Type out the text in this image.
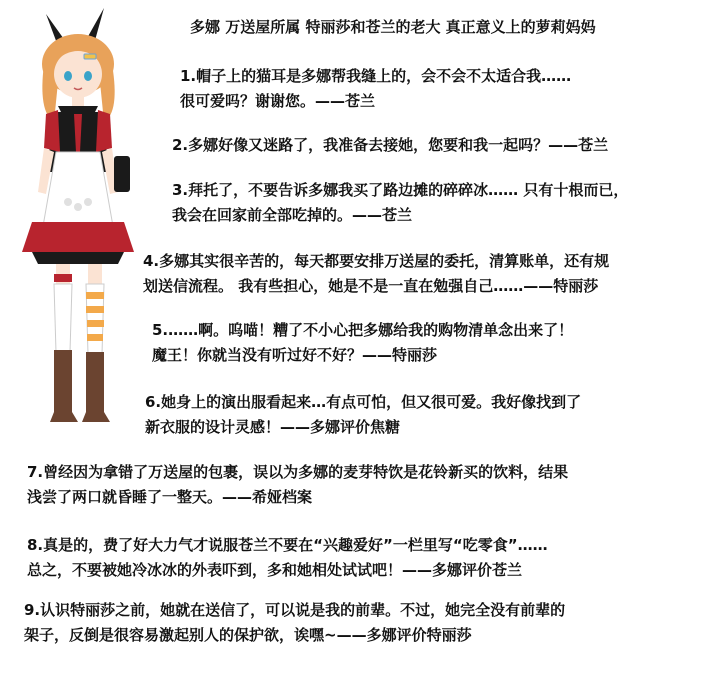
多娜 万送屋所属 特丽莎和苍兰的老大 真正意义上的萝莉妈妈
1.帽子上的猫耳是多娜帮我缝上的，会不会不太适合我……
很可爱吗？谢谢您。——苍兰
2.多娜好像又迷路了，我准备去接她，您要和我一起吗？——苍兰
3.拜托了，不要告诉多娜我买了路边摊的碎碎冰…… 只有十根而已，
我会在回家前全部吃掉的。——苍兰
4.多娜其实很辛苦的，每天都要安排万送屋的委托，清算账单，还有规
划送信流程。 我有些担心，她是不是一直在勉强自己……——特丽莎
5.……啊。呜喵！糟了不小心把多娜给我的购物清单念出来了！
魔王！你就当没有听过好不好？——特丽莎
6.她身上的演出服看起来…有点可怕，但又很可爱。我好像找到了
新衣服的设计灵感！——多娜评价焦糖
7.曾经因为拿错了万送屋的包裹，误以为多娜的麦芽特饮是花铃新买的饮料，结果
浅尝了两口就昏睡了一整天。——希娅档案
8.真是的，费了好大力气才说服苍兰不要在“兴趣爱好”一栏里写“吃零食”……
总之，不要被她冷冰冰的外表吓到，多和她相处试试吧！——多娜评价苍兰
9.认识特丽莎之前，她就在送信了，可以说是我的前辈。不过，她完全没有前辈的
架子，反倒是很容易激起别人的保护欲，诶嘿~——多娜评价特丽莎
